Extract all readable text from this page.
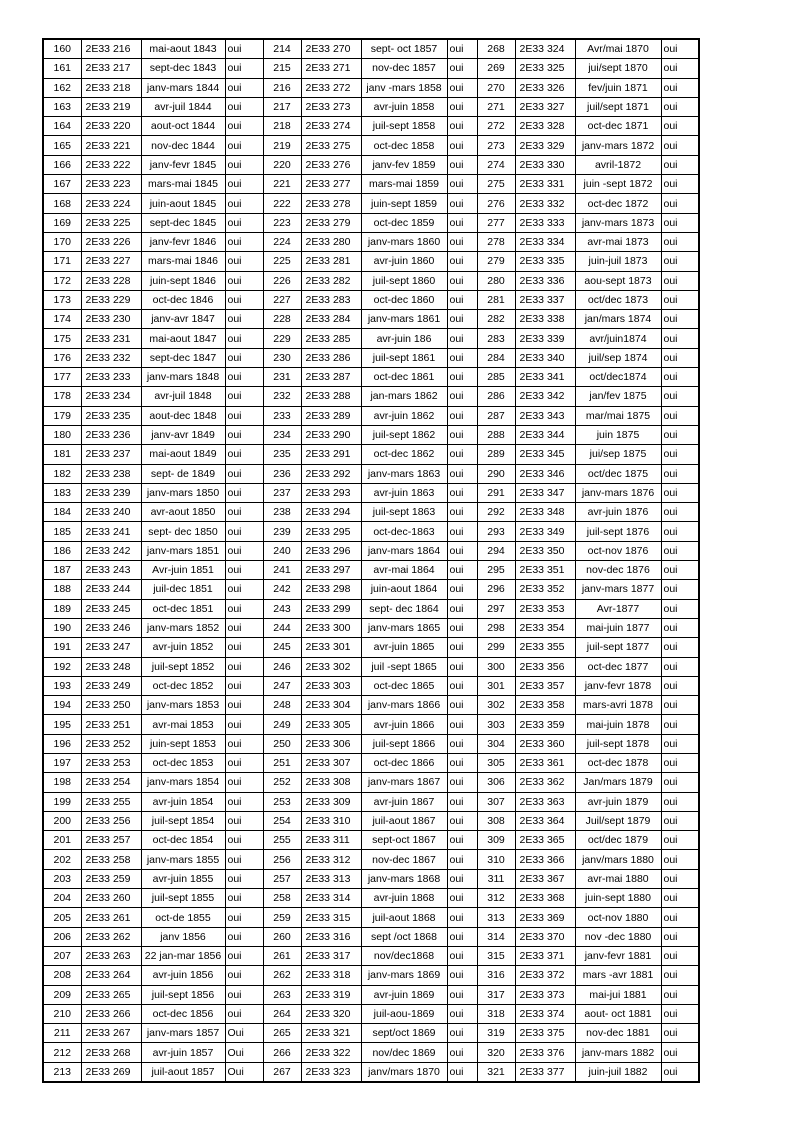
160	2E33 216	mai-aout 1843	oui	214	2E33 270	sept- oct 1857	oui	268	2E33 324	Avr/mai 1870	oui
161	2E33 217	sept-dec 1843	oui	215	2E33 271	nov-dec 1857	oui	269	2E33 325	jui/sept 1870	oui
162	2E33 218	janv-mars 1844	oui	216	2E33 272	janv -mars 1858	oui	270	2E33 326	fev/juin 1871	oui
163	2E33 219	avr-juil 1844	oui	217	2E33 273	avr-juin 1858	oui	271	2E33 327	juil/sept 1871	oui
164	2E33 220	aout-oct 1844	oui	218	2E33 274	juil-sept 1858	oui	272	2E33 328	oct-dec 1871	oui
165	2E33 221	nov-dec 1844	oui	219	2E33 275	oct-dec 1858	oui	273	2E33 329	janv-mars 1872	oui
166	2E33 222	janv-fevr 1845	oui	220	2E33 276	janv-fev 1859	oui	274	2E33 330	avril-1872	oui
167	2E33 223	mars-mai 1845	oui	221	2E33 277	mars-mai 1859	oui	275	2E33 331	juin -sept 1872	oui
168	2E33 224	juin-aout 1845	oui	222	2E33 278	juin-sept 1859	oui	276	2E33 332	oct-dec 1872	oui
169	2E33 225	sept-dec 1845	oui	223	2E33 279	oct-dec 1859	oui	277	2E33 333	janv-mars 1873	oui
170	2E33 226	janv-fevr 1846	oui	224	2E33 280	janv-mars 1860	oui	278	2E33 334	avr-mai 1873	oui
171	2E33 227	mars-mai 1846	oui	225	2E33 281	avr-juin 1860	oui	279	2E33 335	juin-juil 1873	oui
172	2E33 228	juin-sept 1846	oui	226	2E33 282	juil-sept 1860	oui	280	2E33 336	aou-sept 1873	oui
173	2E33 229	oct-dec 1846	oui	227	2E33 283	oct-dec 1860	oui	281	2E33 337	oct/dec 1873	oui
174	2E33 230	janv-avr 1847	oui	228	2E33 284	janv-mars 1861	oui	282	2E33 338	jan/mars 1874	oui
175	2E33 231	mai-aout 1847	oui	229	2E33 285	avr-juin 186	oui	283	2E33 339	avr/juin1874	oui
176	2E33 232	sept-dec 1847	oui	230	2E33 286	juil-sept 1861	oui	284	2E33 340	juil/sep 1874	oui
177	2E33 233	janv-mars 1848	oui	231	2E33 287	oct-dec 1861	oui	285	2E33 341	oct/dec1874	oui
178	2E33 234	avr-juil 1848	oui	232	2E33 288	jan-mars 1862	oui	286	2E33 342	jan/fev 1875	oui
179	2E33 235	aout-dec 1848	oui	233	2E33 289	avr-juin 1862	oui	287	2E33 343	mar/mai 1875	oui
180	2E33 236	janv-avr 1849	oui	234	2E33 290	juil-sept 1862	oui	288	2E33 344	juin 1875	oui
181	2E33 237	mai-aout 1849	oui	235	2E33 291	oct-dec 1862	oui	289	2E33 345	jui/sep 1875	oui
182	2E33 238	sept- de 1849	oui	236	2E33 292	janv-mars 1863	oui	290	2E33 346	oct/dec 1875	oui
183	2E33 239	janv-mars 1850	oui	237	2E33 293	avr-juin 1863	oui	291	2E33 347	janv-mars 1876	oui
184	2E33 240	avr-aout 1850	oui	238	2E33 294	juil-sept 1863	oui	292	2E33 348	avr-juin 1876	oui
185	2E33 241	sept- dec 1850	oui	239	2E33 295	oct-dec-1863	oui	293	2E33 349	juil-sept 1876	oui
186	2E33 242	janv-mars 1851	oui	240	2E33 296	janv-mars 1864	oui	294	2E33 350	oct-nov 1876	oui
187	2E33 243	Avr-juin 1851	oui	241	2E33 297	avr-mai 1864	oui	295	2E33 351	nov-dec 1876	oui
188	2E33 244	juil-dec 1851	oui	242	2E33 298	juin-aout 1864	oui	296	2E33 352	janv-mars 1877	oui
189	2E33 245	oct-dec 1851	oui	243	2E33 299	sept- dec 1864	oui	297	2E33 353	Avr-1877	oui
190	2E33 246	janv-mars 1852	oui	244	2E33 300	janv-mars 1865	oui	298	2E33 354	mai-juin 1877	oui
191	2E33 247	avr-juin 1852	oui	245	2E33 301	avr-juin 1865	oui	299	2E33 355	juil-sept 1877	oui
192	2E33 248	juil-sept 1852	oui	246	2E33 302	juil -sept 1865	oui	300	2E33 356	oct-dec 1877	oui
193	2E33 249	oct-dec 1852	oui	247	2E33 303	oct-dec 1865	oui	301	2E33 357	janv-fevr 1878	oui
194	2E33 250	janv-mars 1853	oui	248	2E33 304	janv-mars 1866	oui	302	2E33 358	mars-avri 1878	oui
195	2E33 251	avr-mai 1853	oui	249	2E33 305	avr-juin 1866	oui	303	2E33 359	mai-juin 1878	oui
196	2E33 252	juin-sept 1853	oui	250	2E33 306	juil-sept 1866	oui	304	2E33 360	juil-sept 1878	oui
197	2E33 253	oct-dec 1853	oui	251	2E33 307	oct-dec 1866	oui	305	2E33 361	oct-dec 1878	oui
198	2E33 254	janv-mars 1854	oui	252	2E33 308	janv-mars 1867	oui	306	2E33 362	Jan/mars 1879	oui
199	2E33 255	avr-juin 1854	oui	253	2E33 309	avr-juin 1867	oui	307	2E33 363	avr-juin 1879	oui
200	2E33 256	juil-sept 1854	oui	254	2E33 310	juil-aout 1867	oui	308	2E33 364	Juil/sept 1879	oui
201	2E33 257	oct-dec 1854	oui	255	2E33 311	sept-oct 1867	oui	309	2E33 365	oct/dec 1879	oui
202	2E33 258	janv-mars 1855	oui	256	2E33 312	nov-dec 1867	oui	310	2E33 366	janv/mars 1880	oui
203	2E33 259	avr-juin 1855	oui	257	2E33 313	janv-mars 1868	oui	311	2E33 367	avr-mai 1880	oui
204	2E33 260	juil-sept 1855	oui	258	2E33 314	avr-juin 1868	oui	312	2E33 368	juin-sept 1880	oui
205	2E33 261	oct-de 1855	oui	259	2E33 315	juil-aout 1868	oui	313	2E33 369	oct-nov 1880	oui
206	2E33 262	janv 1856	oui	260	2E33 316	sept /oct 1868	oui	314	2E33 370	nov -dec 1880	oui
207	2E33 263	22 jan-mar 1856	oui	261	2E33 317	nov/dec1868	oui	315	2E33 371	janv-fevr 1881	oui
208	2E33 264	avr-juin 1856	oui	262	2E33 318	janv-mars 1869	oui	316	2E33 372	mars -avr 1881	oui
209	2E33 265	juil-sept 1856	oui	263	2E33 319	avr-juin 1869	oui	317	2E33 373	mai-jui 1881	oui
210	2E33 266	oct-dec 1856	oui	264	2E33 320	juil-aou-1869	oui	318	2E33 374	aout- oct 1881	oui
211	2E33 267	janv-mars 1857	Oui	265	2E33 321	sept/oct 1869	oui	319	2E33 375	nov-dec 1881	oui
212	2E33 268	avr-juin 1857	Oui	266	2E33 322	nov/dec 1869	oui	320	2E33 376	janv-mars 1882	oui
213	2E33 269	juil-aout 1857	Oui	267	2E33 323	janv/mars 1870	oui	321	2E33 377	juin-juil 1882	oui
